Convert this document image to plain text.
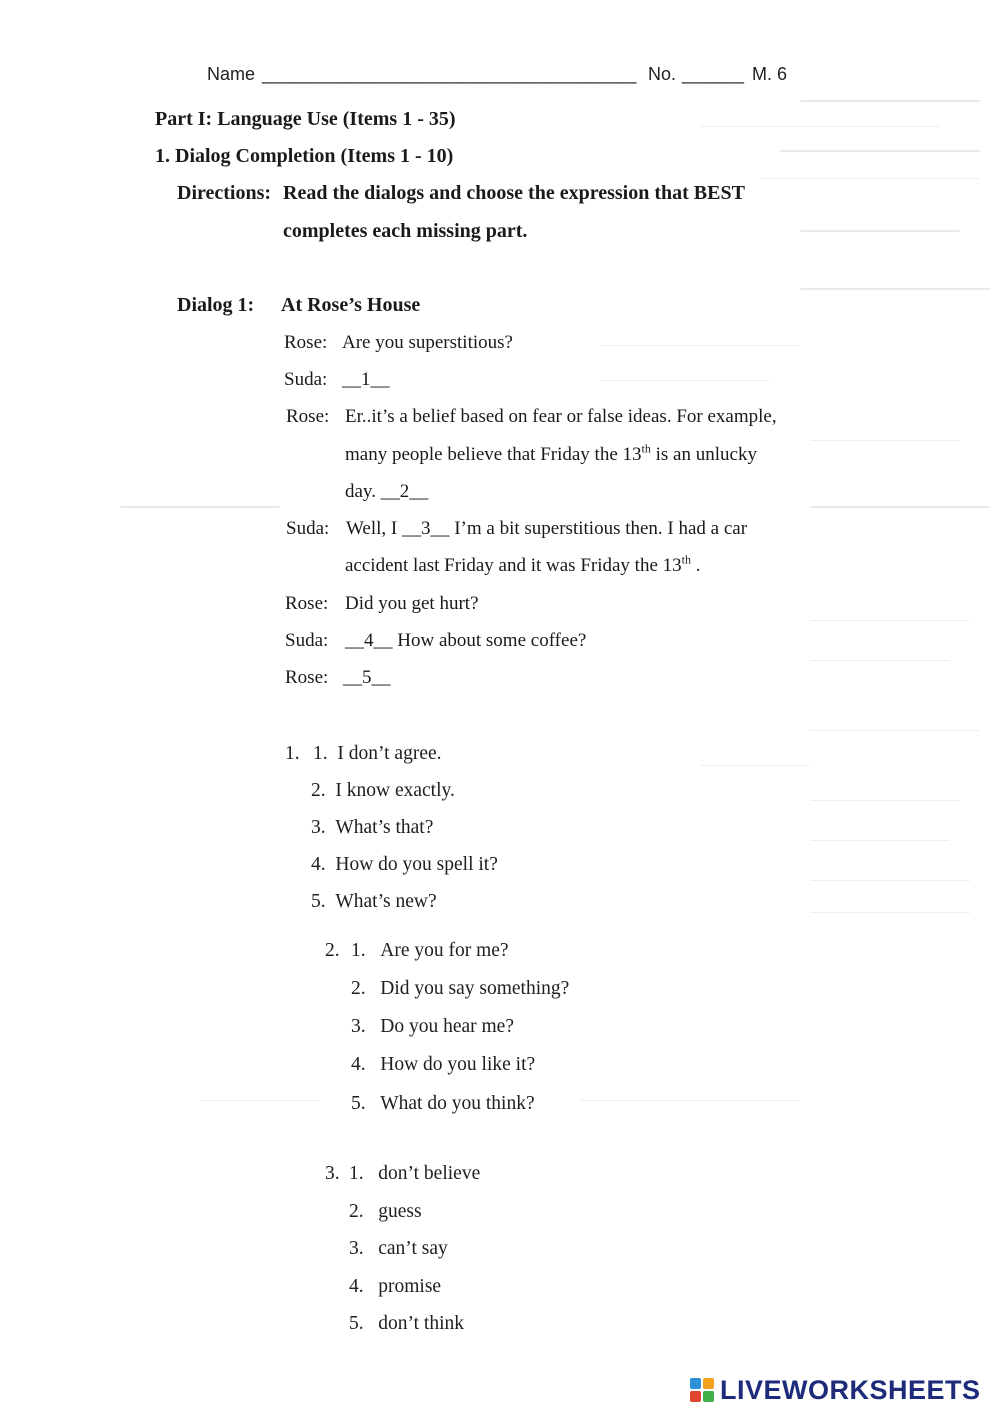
Name ____________________________________ No. ______ M. 6
Part I: Language Use (Items 1 - 35)
1. Dialog Completion (Items 1 - 10)
Directions: Read the dialogs and choose the expression that BEST
completes each missing part.
Dialog 1: At Rose’s House
Rose: Are you superstitious?
Suda: __1__
Rose: Er..it’s a belief based on fear or false ideas. For example,
many people believe that Friday the 13th is an unlucky
day. __2__
Suda: Well, I __3__ I’m a bit superstitious then. I had a car
accident last Friday and it was Friday the 13th .
Rose: Did you get hurt?
Suda: __4__ How about some coffee?
Rose: __5__
1. 1. I don’t agree.
2. I know exactly.
3. What’s that?
4. How do you spell it?
5. What’s new?
2. 1. Are you for me?
2. Did you say something?
3. Do you hear me?
4. How do you like it?
5. What do you think?
3. 1. don’t believe
2. guess
3. can’t say
4. promise
5. don’t think
LIVEWORKSHEETS
